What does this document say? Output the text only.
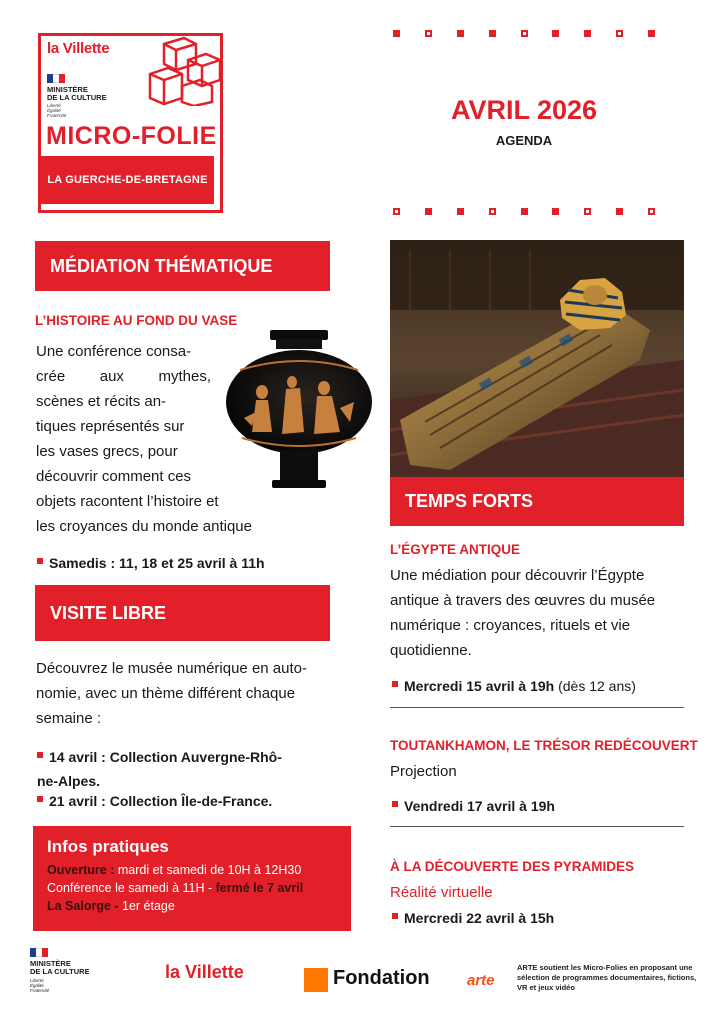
la Villette
MINISTÈRE
DE LA CULTURE
Liberté
Égalité
Fraternité
MICRO-FOLIE
LA GUERCHE-DE-BRETAGNE
AVRIL 2026
AGENDA
MÉDIATION THÉMATIQUE
L’HISTOIRE AU FOND DU VASE
Une conférence consa-
crée aux mythes,
scènes et récits an-
tiques représentés sur
les vases grecs, pour
découvrir comment ces
objets racontent l’histoire et
les croyances du monde antique
Samedis : 11, 18 et 25 avril à 11h
VISITE LIBRE
Découvrez le musée numérique en auto-
nomie, avec un thème différent chaque
semaine :
14 avril : Collection Auvergne-Rhô-
ne-Alpes.
21 avril : Collection Île-de-France.
Infos pratiques
Ouverture : mardi et samedi de 10H à 12H30
Conférence le samedi à 11H - fermé le 7 avril
La Salorge - 1er étage
TEMPS FORTS
L’ÉGYPTE ANTIQUE
Une médiation pour découvrir l’Égypte
antique à travers des œuvres du musée
numérique : croyances, rituels et vie
quotidienne.
Mercredi 15 avril à 19h (dès 12 ans)
TOUTANKHAMON, LE TRÉSOR REDÉCOUVERT
Projection
Vendredi 17 avril à 19h
À LA DÉCOUVERTE DES PYRAMIDES
Réalité virtuelle
Mercredi 22 avril à 15h
MINISTÈRE
DE LA CULTURE
Liberté
Égalité
Fraternité
la Villette	Fondation arte
ARTE soutient les Micro-Folies en proposant une sélection de programmes documentaires, fictions, VR et jeux vidéo
